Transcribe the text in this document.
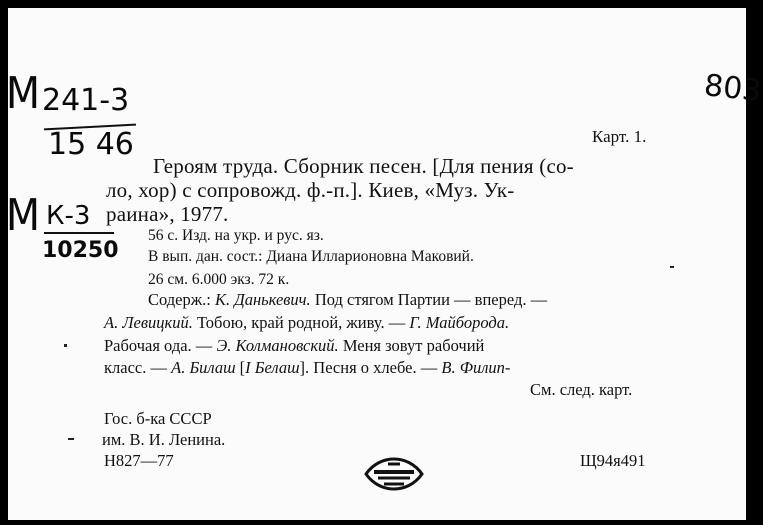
М 241-3
15 46
М К-3
10250
803
Карт. 1.
Героям труда. Сборник песен. [Для пения (со-
ло, хор) с сопровожд. ф.-п.]. Киев, «Муз. Ук-
раина», 1977.
56 с. Изд. на укр. и рус. яз.
В вып. дан. сост.: Диана Илларионовна Маковий.
26 см. 6.000 экз. 72 к.
Содерж.: К. Данькевич. Под стягом Партии — вперед. —
А. Левицкий. Тобою, край родной, живу. — Г. Майборода.
Рабочая ода. — Э. Колмановский. Меня зовут рабочий
класс. — А. Билаш [I Белаш]. Песня о хлебе. — В. Филип-
См. след. карт.
Гос. б-ка СССР
им. В. И. Ленина.
Н827—77	Щ94я491
